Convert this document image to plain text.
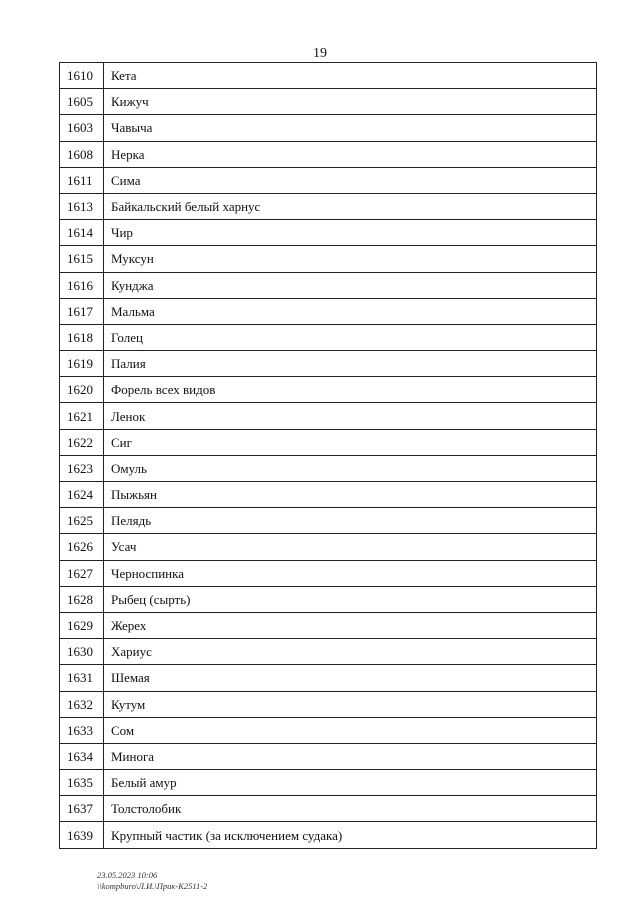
19
1610	Кета
1605	Кижуч
1603	Чавыча
1608	Нерка
1611	Сима
1613	Байкальский белый харнус
1614	Чир
1615	Муксун
1616	Кунджа
1617	Мальма
1618	Голец
1619	Палия
1620	Форель всех видов
1621	Ленок
1622	Сиг
1623	Омуль
1624	Пыжьян
1625	Пелядь
1626	Усач
1627	Черноспинка
1628	Рыбец (сырть)
1629	Жерех
1630	Хариус
1631	Шемая
1632	Кутум
1633	Сом
1634	Минога
1635	Белый амур
1637	Толстолобик
1639	Крупный частик (за исключением судака)
23.05.2023 10:06
\\kompburo\Л.И.\Прик-К2511-2
